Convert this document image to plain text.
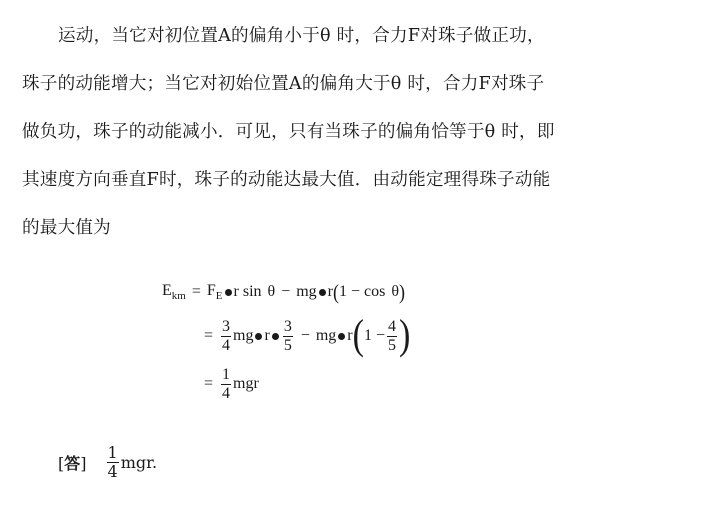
运动，当它对初位置A的偏角小于θ 时，合力F对珠子做正功，
珠子的动能增大；当它对初始位置A的偏角大于θ 时，合力F对珠子
做负功，珠子的动能减小．可见，只有当珠子的偏角恰等于θ 时，即
其速度方向垂直F时，珠子的动能达最大值．由动能定理得珠子动能
的最大值为
$E_{km} = F_E$ r sin θ − mg r ( 1 − cos θ )
= $\frac{3}{4}$ mg r $\frac{3}{5}$ − mg r ( $1 - \frac{4}{5}$ )
= $\frac{1}{4}$ mgr
[答] $\frac{1}{4}$ mgr.
